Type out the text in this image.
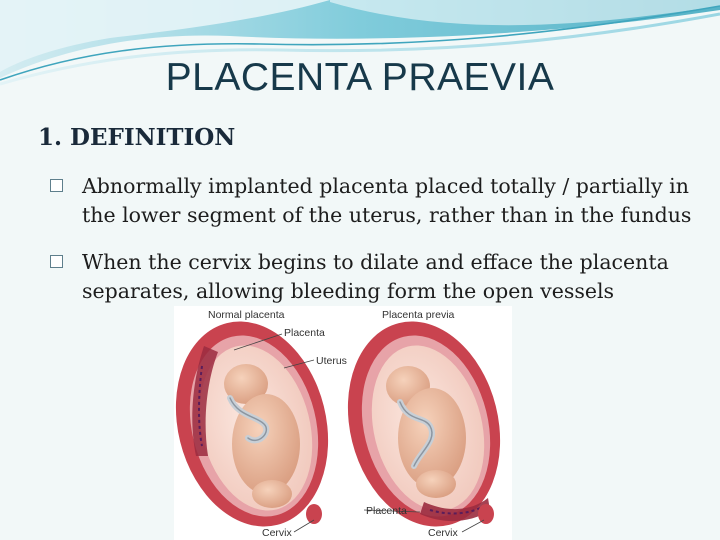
PLACENTA PRAEVIA
1. DEFINITION
Abnormally implanted placenta placed totally / partially in the lower segment of the uterus, rather than in the fundus
When the cervix begins to dilate and efface the placenta separates, allowing bleeding form the open vessels
Normal placenta	Placenta previa
Placenta
Uterus
Placenta
Cervix	Cervix
